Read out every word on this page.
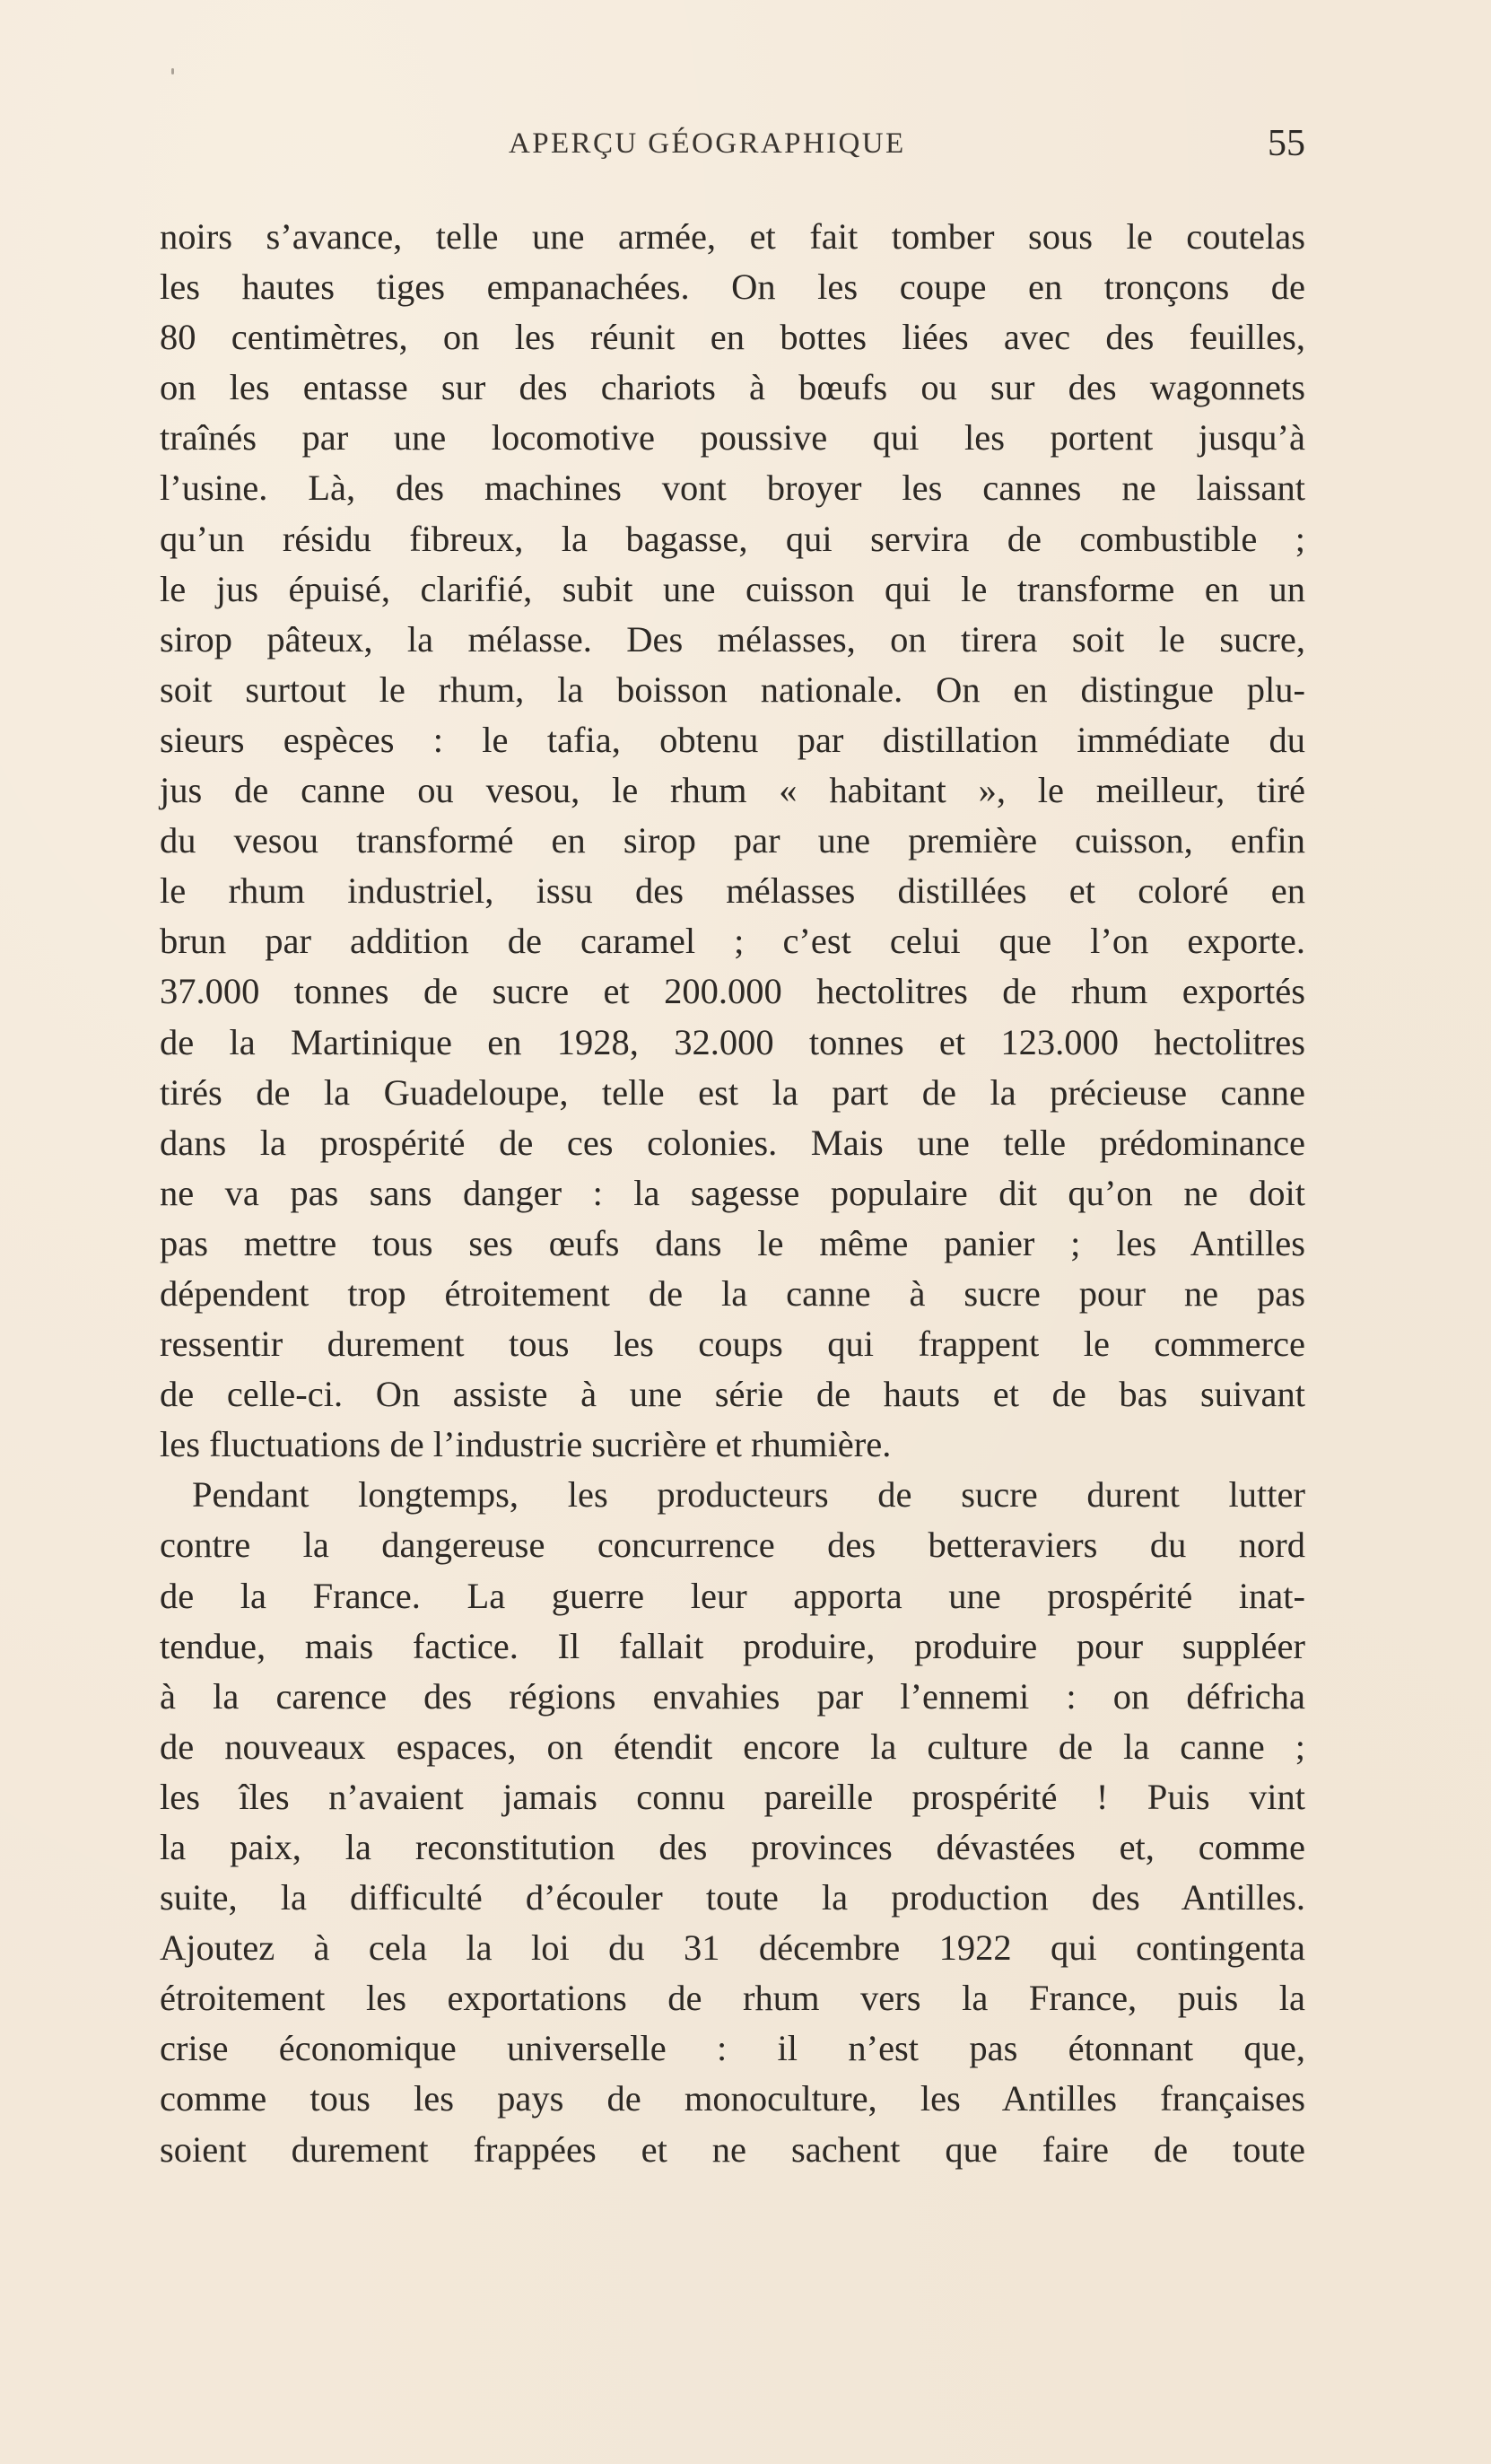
APERÇU GÉOGRAPHIQUE	55

noirs s’avance, telle une armée, et fait tomber sous le coutelas
les hautes tiges empanachées. On les coupe en tronçons de
80 centimètres, on les réunit en bottes liées avec des feuilles,
on les entasse sur des chariots à bœufs ou sur des wagonnets
traînés par une locomotive poussive qui les portent jusqu’à
l’usine. Là, des machines vont broyer les cannes ne laissant
qu’un résidu fibreux, la bagasse, qui servira de combustible ;
le jus épuisé, clarifié, subit une cuisson qui le transforme en un
sirop pâteux, la mélasse. Des mélasses, on tirera soit le sucre,
soit surtout le rhum, la boisson nationale. On en distingue plu-
sieurs espèces : le tafia, obtenu par distillation immédiate du
jus de canne ou vesou, le rhum « habitant », le meilleur, tiré
du vesou transformé en sirop par une première cuisson, enfin
le rhum industriel, issu des mélasses distillées et coloré en
brun par addition de caramel ; c’est celui que l’on exporte.
37.000 tonnes de sucre et 200.000 hectolitres de rhum exportés
de la Martinique en 1928, 32.000 tonnes et 123.000 hectolitres
tirés de la Guadeloupe, telle est la part de la précieuse canne
dans la prospérité de ces colonies. Mais une telle prédominance
ne va pas sans danger : la sagesse populaire dit qu’on ne doit
pas mettre tous ses œufs dans le même panier ; les Antilles
dépendent trop étroitement de la canne à sucre pour ne pas
ressentir durement tous les coups qui frappent le commerce
de celle-ci. On assiste à une série de hauts et de bas suivant
les fluctuations de l’industrie sucrière et rhumière.

Pendant longtemps, les producteurs de sucre durent lutter
contre la dangereuse concurrence des betteraviers du nord
de la France. La guerre leur apporta une prospérité inat-
tendue, mais factice. Il fallait produire, produire pour suppléer
à la carence des régions envahies par l’ennemi : on défricha
de nouveaux espaces, on étendit encore la culture de la canne ;
les îles n’avaient jamais connu pareille prospérité ! Puis vint
la paix, la reconstitution des provinces dévastées et, comme
suite, la difficulté d’écouler toute la production des Antilles.
Ajoutez à cela la loi du 31 décembre 1922 qui contingenta
étroitement les exportations de rhum vers la France, puis la
crise économique universelle : il n’est pas étonnant que,
comme tous les pays de monoculture, les Antilles françaises
soient durement frappées et ne sachent que faire de toute
